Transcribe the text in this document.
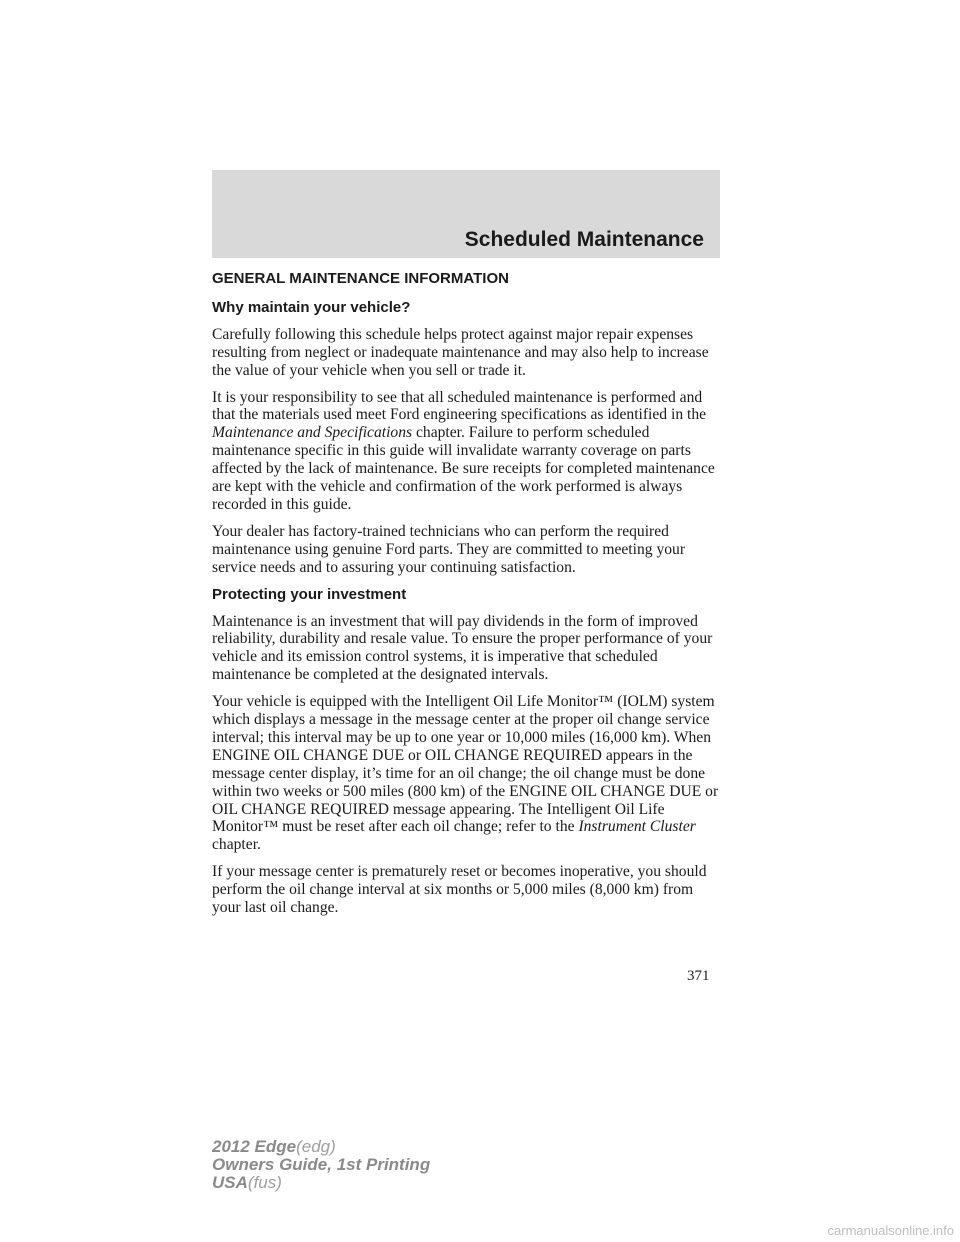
Scheduled Maintenance
GENERAL MAINTENANCE INFORMATION
Why maintain your vehicle?

Carefully following this schedule helps protect against major repair expenses resulting from neglect or inadequate maintenance and may also help to increase the value of your vehicle when you sell or trade it.

It is your responsibility to see that all scheduled maintenance is performed and that the materials used meet Ford engineering specifications as identified in the Maintenance and Specifications chapter. Failure to perform scheduled maintenance specific in this guide will invalidate warranty coverage on parts affected by the lack of maintenance. Be sure receipts for completed maintenance are kept with the vehicle and confirmation of the work performed is always recorded in this guide.

Your dealer has factory-trained technicians who can perform the required maintenance using genuine Ford parts. They are committed to meeting your service needs and to assuring your continuing satisfaction.

Protecting your investment

Maintenance is an investment that will pay dividends in the form of improved reliability, durability and resale value. To ensure the proper performance of your vehicle and its emission control systems, it is imperative that scheduled maintenance be completed at the designated intervals.

Your vehicle is equipped with the Intelligent Oil Life Monitor™ (IOLM) system which displays a message in the message center at the proper oil change service interval; this interval may be up to one year or 10,000 miles (16,000 km). When ENGINE OIL CHANGE DUE or OIL CHANGE REQUIRED appears in the message center display, it’s time for an oil change; the oil change must be done within two weeks or 500 miles (800 km) of the ENGINE OIL CHANGE DUE or OIL CHANGE REQUIRED message appearing. The Intelligent Oil Life Monitor™ must be reset after each oil change; refer to the Instrument Cluster chapter.

If your message center is prematurely reset or becomes inoperative, you should perform the oil change interval at six months or 5,000 miles (8,000 km) from your last oil change.

371

2012 Edge(edg)
Owners Guide, 1st Printing
USA(fus)

carmanualsonline.info
